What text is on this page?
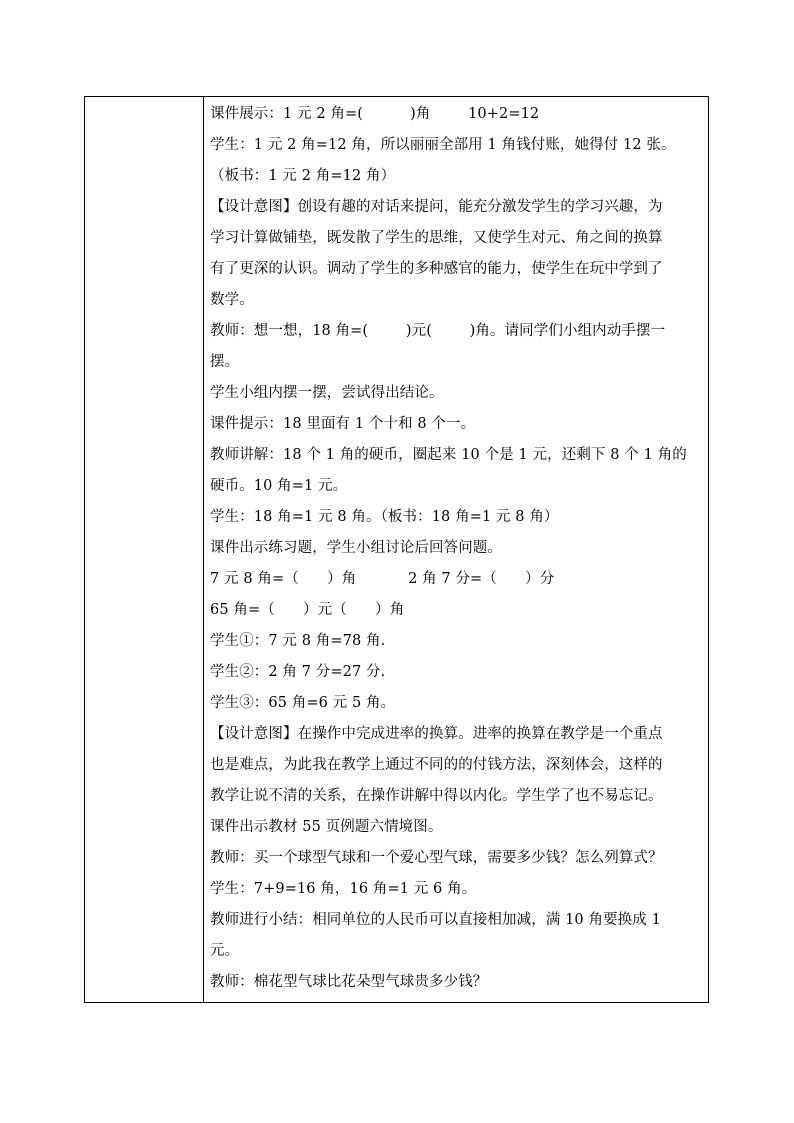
课件展示：1 元 2 角=(          )角        10+2=12
学生：1 元 2 角=12 角，所以丽丽全部用 1 角钱付账，她得付 12 张。
（板书：1 元 2 角=12 角）
【设计意图】创设有趣的对话来提问，能充分激发学生的学习兴趣，为
学习计算做铺垫，既发散了学生的思维，又使学生对元、角之间的换算
有了更深的认识。调动了学生的多种感官的能力，使学生在玩中学到了
数学。
教师：想一想，18 角=(        )元(        )角。请同学们小组内动手摆一
摆。
学生小组内摆一摆，尝试得出结论。
课件提示：18 里面有 1 个十和 8 个一。
教师讲解：18 个 1 角的硬币，圈起来 10 个是 1 元，还剩下 8 个 1 角的
硬币。10 角=1 元。
学生：18 角=1 元 8 角。（板书：18 角=1 元 8 角）
课件出示练习题，学生小组讨论后回答问题。
7 元 8 角=（      ）角           2 角 7 分=（      ）分
65 角=（      ）元（      ）角
学生①：7 元 8 角=78 角.
学生②：2 角 7 分=27 分.
学生③：65 角=6 元 5 角。
【设计意图】在操作中完成进率的换算。进率的换算在教学是一个重点
也是难点，为此我在教学上通过不同的的付钱方法，深刻体会，这样的
教学让说不清的关系，在操作讲解中得以内化。学生学了也不易忘记。
课件出示教材 55 页例题六情境图。
教师：买一个球型气球和一个爱心型气球，需要多少钱？怎么列算式？
学生：7+9=16 角，16 角=1 元 6 角。
教师进行小结：相同单位的人民币可以直接相加减，满 10 角要换成 1
元。
教师：棉花型气球比花朵型气球贵多少钱？
